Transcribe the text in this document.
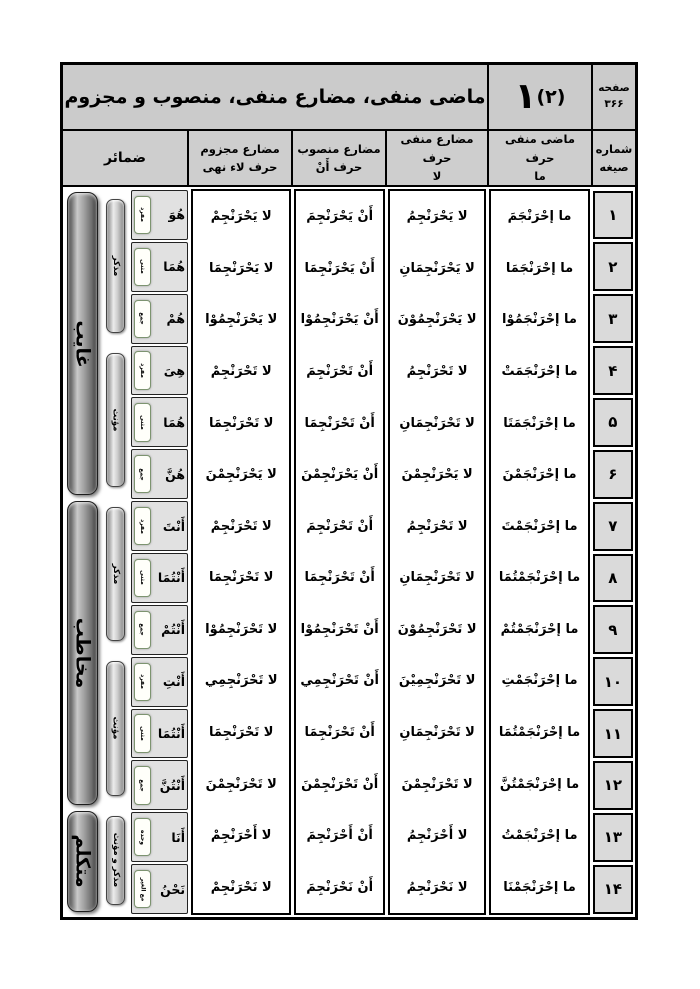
صفحه
۳۶۶
۱ (۲)
ماضی منفی، مضارع منفی، منصوب و مجزوم
شماره
صیغه
ماضی منفی حرف
ما
مضارع منفی حرف
لا
مضارع منصوب
حرف أَنْ
مضارع مجزوم
حرف لاء نهی
ضمائر
۱
۲
۳
۴
۵
۶
۷
۸
۹
۱۰
۱۱
۱۲
۱۳
۱۴
ما إحْرَنْجَمَ
ما إحْرَنْجَمَا
ما إحْرَنْجَمُوْا
ما إحْرَنْجَمَتْ
ما إحْرَنْجَمَتَا
ما إحْرَنْجَمْنَ
ما إحْرَنْجَمْتَ
ما إحْرَنْجَمْتُمَا
ما إحْرَنْجَمْتُمْ
ما إحْرَنْجَمْتِ
ما إحْرَنْجَمْتُمَا
ما إحْرَنْجَمْتُنَّ
ما إحْرَنْجَمْتُ
ما إحْرَنْجَمْنَا
لا يَحْرَنْجِمُ
لا يَحْرَنْجِمَانِ
لا يَحْرَنْجِمُوْنَ
لا تَحْرَنْجِمُ
لا تَحْرَنْجِمَانِ
لا يَحْرَنْجِمْنَ
لا تَحْرَنْجِمُ
لا تَحْرَنْجِمَانِ
لا تَحْرَنْجِمُوْنَ
لا تَحْرَنْجِمِيْنَ
لا تَحْرَنْجِمَانِ
لا تَحْرَنْجِمْنَ
لا أَحْرَنْجِمُ
لا نَحْرَنْجِمُ
أَنْ يَحْرَنْجِمَ
أَنْ يَحْرَنْجِمَا
أَنْ يَحْرَنْجِمُوْا
أَنْ تَحْرَنْجِمَ
أَنْ تَحْرَنْجِمَا
أَنْ يَحْرَنْجِمْنَ
أَنْ تَحْرَنْجِمَ
أَنْ تَحْرَنْجِمَا
أَنْ تَحْرَنْجِمُوْا
أَنْ تَحْرَنْجِمِي
أَنْ تَحْرَنْجِمَا
أَنْ تَحْرَنْجِمْنَ
أَنْ أَحْرَنْجِمَ
أَنْ نَحْرَنْجِمَ
لا يَحْرَنْجِمْ
لا يَحْرَنْجِمَا
لا يَحْرَنْجِمُوْا
لا تَحْرَنْجِمْ
لا تَحْرَنْجِمَا
لا يَحْرَنْجِمْنَ
لا تَحْرَنْجِمْ
لا تَحْرَنْجِمَا
لا تَحْرَنْجِمُوْا
لا تَحْرَنْجِمِي
لا تَحْرَنْجِمَا
لا تَحْرَنْجِمْنَ
لا أَحْرَنْجِمْ
لا نَحْرَنْجِمْ
هُوَ
مفرد
هُمَا
مثنی
هُمْ
جمع
هِیَ
مفرد
هُمَا
مثنی
هُنَّ
جمع
أَنْتَ
مفرد
أَنْتُمَا
مثنی
أَنْتُمْ
جمع
أَنْتِ
مفرد
أَنْتُمَا
مثنی
أَنْتُنَّ
جمع
أَنَا
وحده
نَحْنُ
مع الغیر
مذکر
مؤنث
مذکر
مؤنث
مذکر و مؤنث
غایب
مخاطب
متکلم
